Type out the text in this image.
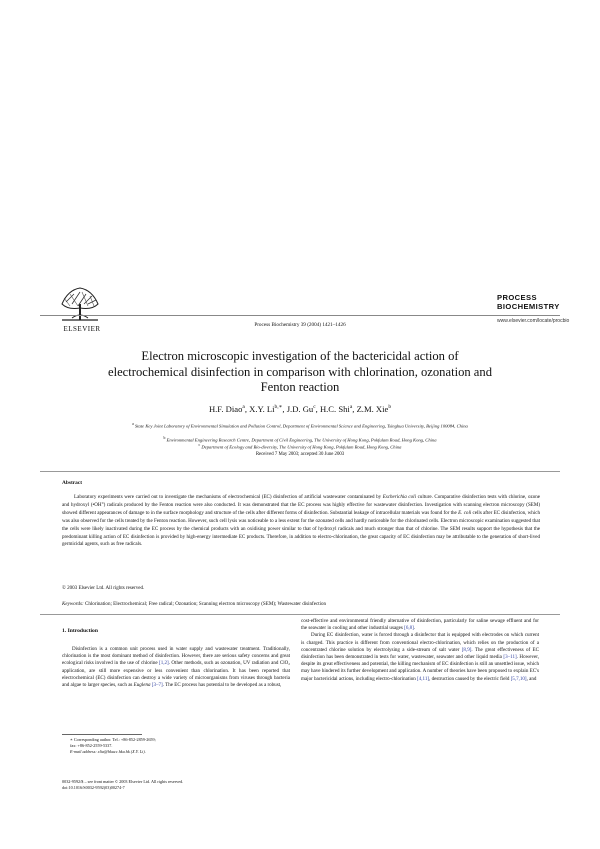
ELSEVIER	Process Biochemistry 39 (2004) 1421–1426
PROCESS
BIOCHEMISTRY
www.elsevier.com/locate/procbio
Electron microscopic investigation of the bactericidal action of electrochemical disinfection in comparison with chlorination, ozonation and Fenton reaction
H.F. Diao$^a$, X.Y. $Li^{b,∗}$, J.D. Gu$^c$, H.C. Shi$^a$, Z.M. Xie$^b$
$^a$ State Key Joint Laboratory of Environmental Simulation and Pollution Control, Department of Environmental Science and Engineering, Tsinghua University, Beijing 100084, China
$^b$ Environmental Engineering Research Centre, Department of Civil Engineering, The University of Hong Kong, Pokfulam Road, Hong Kong, China
$^c$ Department of Ecology and Bio-diversity, The University of Hong Kong, Pokfulam Road, Hong Kong, China
Received 7 May 2003; accepted 30 June 2003
Abstract
Laboratory experiments were carried out to investigate the mechanisms of electrochemical (EC) disinfection of artificial wastewater contaminated by Escherichia coli culture. Comparative disinfection tests with chlorine, ozone and hydroxyl (•OH°) radicals produced by the Fenton reaction were also conducted. It was demonstrated that the EC process was highly effective for wastewater disinfection. Investigation with scanning electron microscopy (SEM) showed different appearances of damage to in the surface morphology and structure of the cells after different forms of disinfection. Substantial leakage of intracellular materials was found for the E. coli cells after EC disinfection, which was also observed for the cells treated by the Fenton reaction. However, such cell lysis was noticeable to a less extent for the ozonated cells and hardly noticeable for the chlorinated cells. Electron microscopic examination suggested that the cells were likely inactivated during the EC process by the chemical products with an oxidising power similar to that of hydroxyl radicals and much stronger than that of chlorine. The SEM results support the hypothesis that the predominant killing action of EC disinfection is provided by high-energy intermediate EC products. Therefore, in addition to electro-chlorination, the great capacity of EC disinfection may be attributable to the generation of short-lived germicidal agents, such as free radicals.
© 2003 Elsevier Ltd. All rights reserved.
Keywords: Chlorination; Electrochemical; Free radical; Ozonation; Scanning electron microscopy (SEM); Wastewater disinfection
1. Introduction
Disinfection is a common unit process used in water supply and wastewater treatment. Traditionally, chlorination is the most dominant method of disinfection. However, there are serious safety concerns and great ecological risks involved in the use of chlorine [1,2]. Other methods, such as ozonation, UV radiation and ClO₂ application, are still more expensive or less convenient than chlorination. It has been reported that electrochemical (EC) disinfection can destroy a wide variety of microorganisms from viruses through bacteria and algae to larger species, such as Euglena [3–7]. The EC process has potential to be developed as a robust,

cost-effective and environmental friendly alternative of disinfection, particularly for saline sewage effluent and for the seawater in cooling and other industrial usages [6,8].

During EC disinfection, water is forced through a disinfector that is equipped with electrodes on which current is charged. This practice is different from conventional electro-chlorination, which relies on the production of a concentrated chlorine solution by electrolysing a side-stream of salt water [8,9]. The great effectiveness of EC disinfection has been demonstrated in tests for water, wastewater, seawater and other liquid media [3–11]. However, despite its great effectiveness and potential, the killing mechanism of EC disinfection is still an unsettled issue, which may have hindered its further development and application. A number of theories have been proposed to explain EC's major bactericidal actions, including electro-chlorination [4,11], destruction caused by the electric field [5,7,10], and

∗ Corresponding author. Tel.: +86-852-2859-2659;
fax: +86-852-2559-5337.
E-mail address: xlia@hkucc.hku.hk (X.Y. Li).
0032-9592/$ – see front matter © 2003 Elsevier Ltd. All rights reserved.
doi:10.1016/S0032-9592(03)00274-7
